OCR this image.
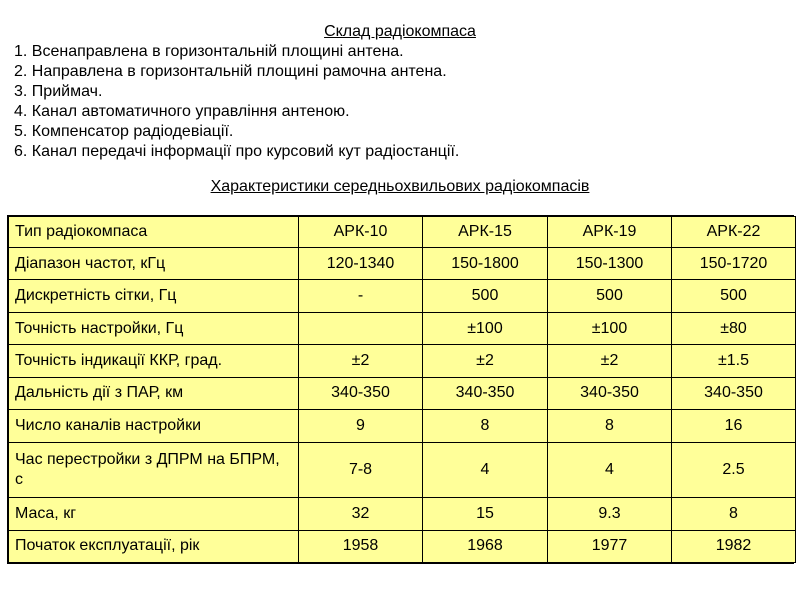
Склад радіокомпаса
1. Всенаправлена в горизонтальній площині антена.
2. Направлена в горизонтальній площині рамочна антена.
3. Приймач.
4. Канал автоматичного управління антеною.
5. Компенсатор радіодевіації.
6. Канал передачі інформації про курсовий кут радіостанції.
Характеристики середньохвильових радіокомпасів
Тип радіокомпаса	АРК-10	АРК-15	АРК-19	АРК-22
Діапазон частот, кГц	120-1340	150-1800	150-1300	150-1720
Дискретність сітки, Гц	-	500	500	500
Точність настройки, Гц		±100	±100	±80
Точність індикації ККР, град.	±2	±2	±2	±1.5
Дальність дії з ПАР, км	340-350	340-350	340-350	340-350
Число каналів настройки	9	8	8	16
Час перестройки з ДПРМ на БПРМ, с	7-8	4	4	2.5
Маса, кг	32	15	9.3	8
Початок експлуатації, рік	1958	1968	1977	1982
